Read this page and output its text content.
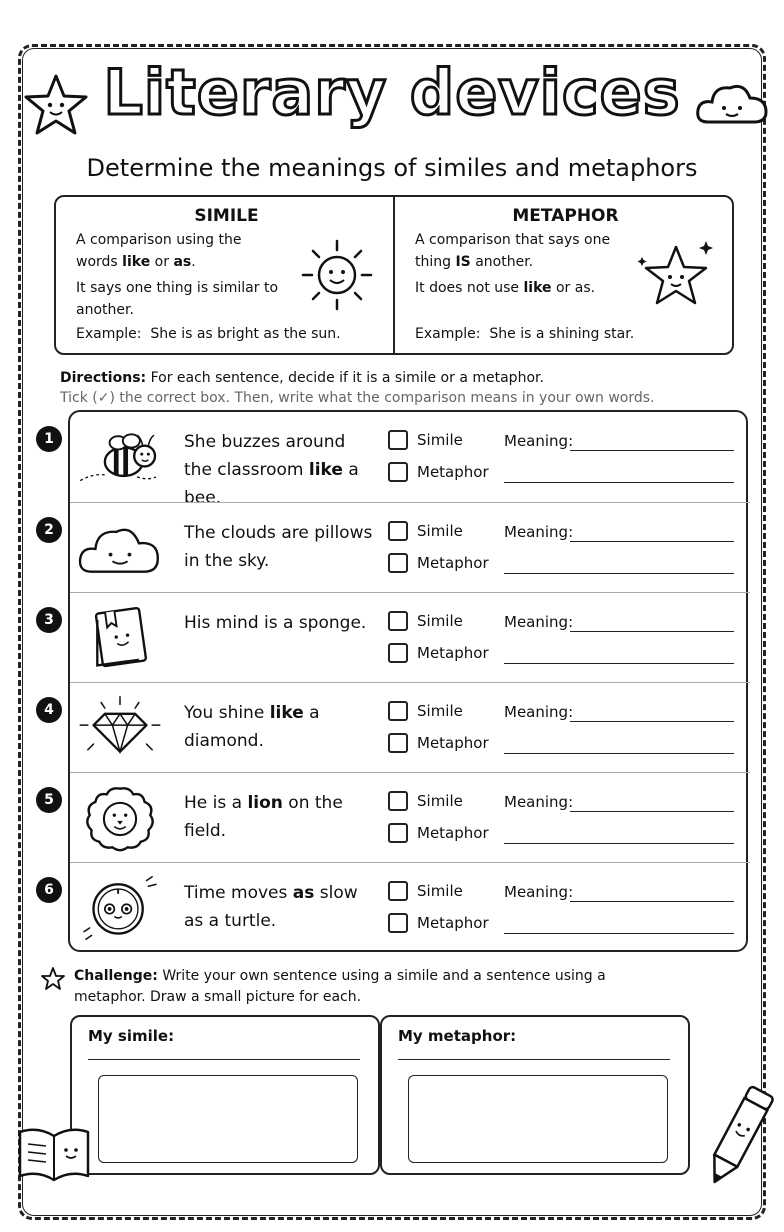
Literary devices
Determine the meanings of similes and metaphors
SIMILE

A comparison using the words like or as.

It says one thing is similar to another.

Example: She is as bright as the sun.
METAPHOR

A comparison that says one thing IS another.

It does not use like or as.

Example: She is a shining star.
Directions: For each sentence, decide if it is a simile or a metaphor.
Tick (✓) the correct box. Then, write what the comparison means in your own words.
1	She buzzes around the classroom like a bee.
Simile
Metaphor
Meaning:
2	The clouds are pillows in the sky.
Simile
Metaphor
Meaning:
3	His mind is a sponge.	Simile
Metaphor
Meaning:
4	You shine like a diamond.
Simile
Metaphor
Meaning:
5	He is a lion on the field.
Simile
Metaphor
Meaning:
6	Time moves as slow as a turtle.
Simile
Metaphor
Meaning:
Challenge: Write your own sentence using a simile and a sentence using a metaphor. Draw a small picture for each.
My simile:	My metaphor:
